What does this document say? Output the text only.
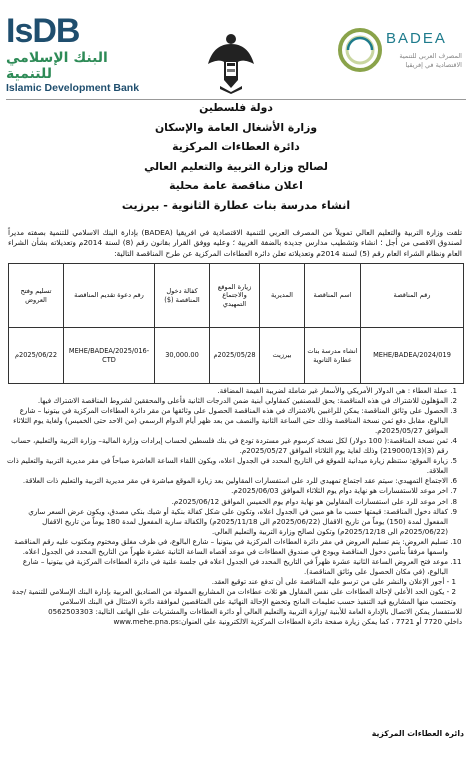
IsDB
البنك الإسلامي للتنمية
Islamic Development Bank
BADEA
المصرف العربي للتنمية الاقتصادية في إفريقيا
دولة فلسطين
وزارة الأشغال العامة والإسكان
دائرة العطاءات المركزية
لصالح وزارة التربية والتعليم العالي
اعلان مناقصة عامة محلية
انشاء مدرسة بنات عطارة الثانوية - بيرزيت
تلقت وزارة التربية والتعليم العالي تمويلاً من المصرف العربي للتنمية الاقتصادية في افريقيا (BADEA) بإدارة البنك الاسلامي للتنمية بصفته مديراً لصندوق الاقصى من أجل ؛ انشاء وتشطيب مدارس جديدة بالضفة الغربية ؛ وعليه ووفق القرار بقانون رقم (8) لسنة 2014م وتعديلاته بشأن الشراء العام ونظام الشراء العام رقم (5) لسنة 2014م وتعديلاته تعلن دائرة العطاءات المركزية عن طرح المناقصة التالية:
رقم المناقصة	اسم المناقصة	المديرية	زيارة الموقع والاجتماع التمهيدي	كفالة دخول المناقصة ($)	رقم دعوة تقديم المناقصة	تسليم وفتح العروض
MEHE/BADEA/2024/019	انشاء مدرسة بنات عطارة الثانوية	بيرزيت	2025/05/28م	30,000.00	MEHE/BADEA/2025/016-CTD	2025/06/22م
1. عملة العطاء : هي الدولار الأمريكي والأسعار غير شاملة لضريبة القيمة المضافة.
2. المؤهلون للاشتراك في هذه المناقصة: يحق للمصنفين كمقاولي أبنية ضمن الدرجات الثانية فأعلى والمحققين لشروط المناقصة الاشتراك فيها.
3. الحصول على وثائق المناقصة: يمكن للراغبين بالاشتراك في هذه المناقصة الحصول على وثائقها من مقر دائرة العطاءات المركزية في بيتونيا – شارع البالوع، مقابل دفع ثمن نسخة المناقصة وذلك حتى الساعة الثانية والنصف من بعد ظهر أيام الدوام الرسمي (من الاحد حتى الخميس) ولغاية يوم الثلاثاء الموافق 2025/05/27م.
4. ثمن نسخة المناقصة:( 100 دولار) لكل نسخة كرسوم غير مستردة تودع في بنك فلسطين لحساب إيرادات وزارة المالية– وزارة التربية والتعليم، حساب رقم (3)(219000/13) وذلك لغاية يوم الثلاثاء الموافق 2025/05/27م.
5. زيارة الموقع: ستنظم زيارة ميدانية للموقع في التاريخ المحدد في الجدول اعلاه، ويكون اللقاء الساعة العاشرة صباحاً في مقر مديرية التربية والتعليم ذات العلاقة.
6. الاجتماع التمهيدي: سيتم عقد اجتماع تمهيدي للرد على استفسارات المقاولين بعد زيارة الموقع مباشرة في مقر مديرية التربية والتعليم ذات العلاقة.
7. اخر موعد للاستفسارات هو نهاية دوام يوم الثلاثاء الموافق 2025/06/03م.
8. اخر موعد للرد على استفسارات المقاولين هو نهاية دوام يوم الخميس الموافق 2025/06/12م.
9. كفالة دخول المناقصة: قيمتها حسب ما هو مبين في الجدول اعلاه، وتكون على شكل كفالة بنكية أو شيك بنكي مصدق، ويكون عرض السعر ساري المفعول لمدة (150) يوماً من تاريخ الاقفال (2025/06/22م الى 2025/11/18م) والكفالة سارية المفعول لمدة 180 يوماً من تاريخ الاقفال (2025/06/22م الى 2025/12/18م) وتكون لصالح وزارة التربية والتعليم العالي.
10. تسليم العروض: يتم تسليم العروض في مقر دائرة العطاءات المركزية في بيتونيا – شارع البالوع، في ظرف مغلق ومختوم ومكتوب عليه رقم المناقصة واسمها مرفقاً بتأمين دخول المناقصة ويودع في صندوق العطاءات في موعد أقصاه الساعة الثانية عشرة ظهراً من التاريخ المحدد في الجدول اعلاه.
11. موعد فتح العروض الساعة الثانية عشرة ظهراً في التاريخ المحدد في الجدول اعلاه في جلسة علنية في دائرة العطاءات المركزية في بيتونيا – شارع البالوع، (في مكان الحصول على وثائق المناقصة).

1 - أجور الإعلان والنشر على من ترسو عليه المناقصة على أن تدفع عند توقيع العقد.

2 - يكون الحد الأعلى لإحالة العطاءات على نفس المقاول هو ثلاث عطاءات من المشاريع الممولة من الصناديق العربية بإدارة البنك الإسلامي للتنمية /جدة وتحتسب منها المشاريع قيد التنفيذ حسب تعليمات المانح وتخضع الإحالة النهائية على المتاقصين لموافقة دائرة الامتثال في البنك الاسلامي

للاستفسار يمكن الاتصال بالإدارة العامة للأبنية /وزارة التربية والتعليم العالي أو دائرة العطاءات والمشتريات على الهاتف التالية: 0562503303

داخلي 7720 أو 7721 ، كما يمكن زيارة صفحة دائرة العطاءات المركزية الالكترونية على العنوان:www.mehe.pna.ps

دائرة العطاءات المركزية
